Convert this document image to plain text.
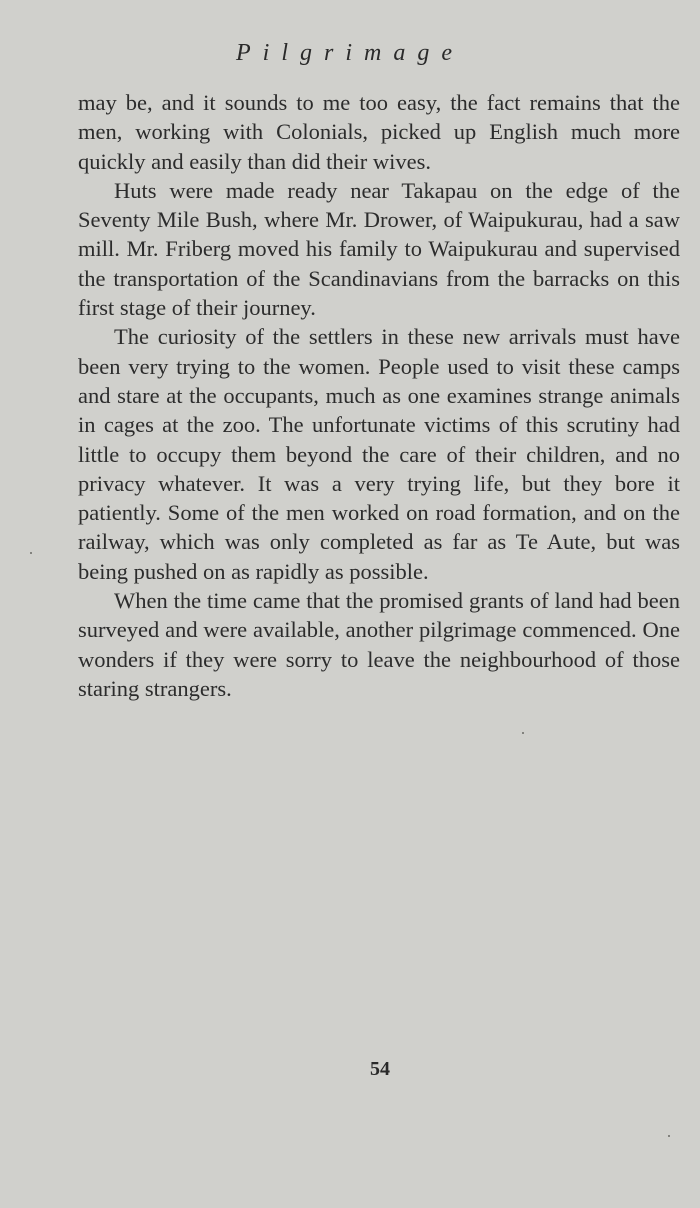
Pilgrimage

may be, and it sounds to me too easy, the fact remains that the men, working with Colonials, picked up English much more quickly and easily than did their wives.

Huts were made ready near Takapau on the edge of the Seventy Mile Bush, where Mr. Drower, of Waipukurau, had a saw mill. Mr. Friberg moved his family to Waipukurau and supervised the transportation of the Scandinavians from the barracks on this first stage of their journey.

The curiosity of the settlers in these new arrivals must have been very trying to the women. People used to visit these camps and stare at the occupants, much as one examines strange animals in cages at the zoo. The unfortunate victims of this scrutiny had little to occupy them beyond the care of their children, and no privacy whatever. It was a very trying life, but they bore it patiently. Some of the men worked on road formation, and on the railway, which was only completed as far as Te Aute, but was being pushed on as rapidly as possible.

When the time came that the promised grants of land had been surveyed and were available, another pilgrimage commenced. One wonders if they were sorry to leave the neighbourhood of those staring strangers.

54
